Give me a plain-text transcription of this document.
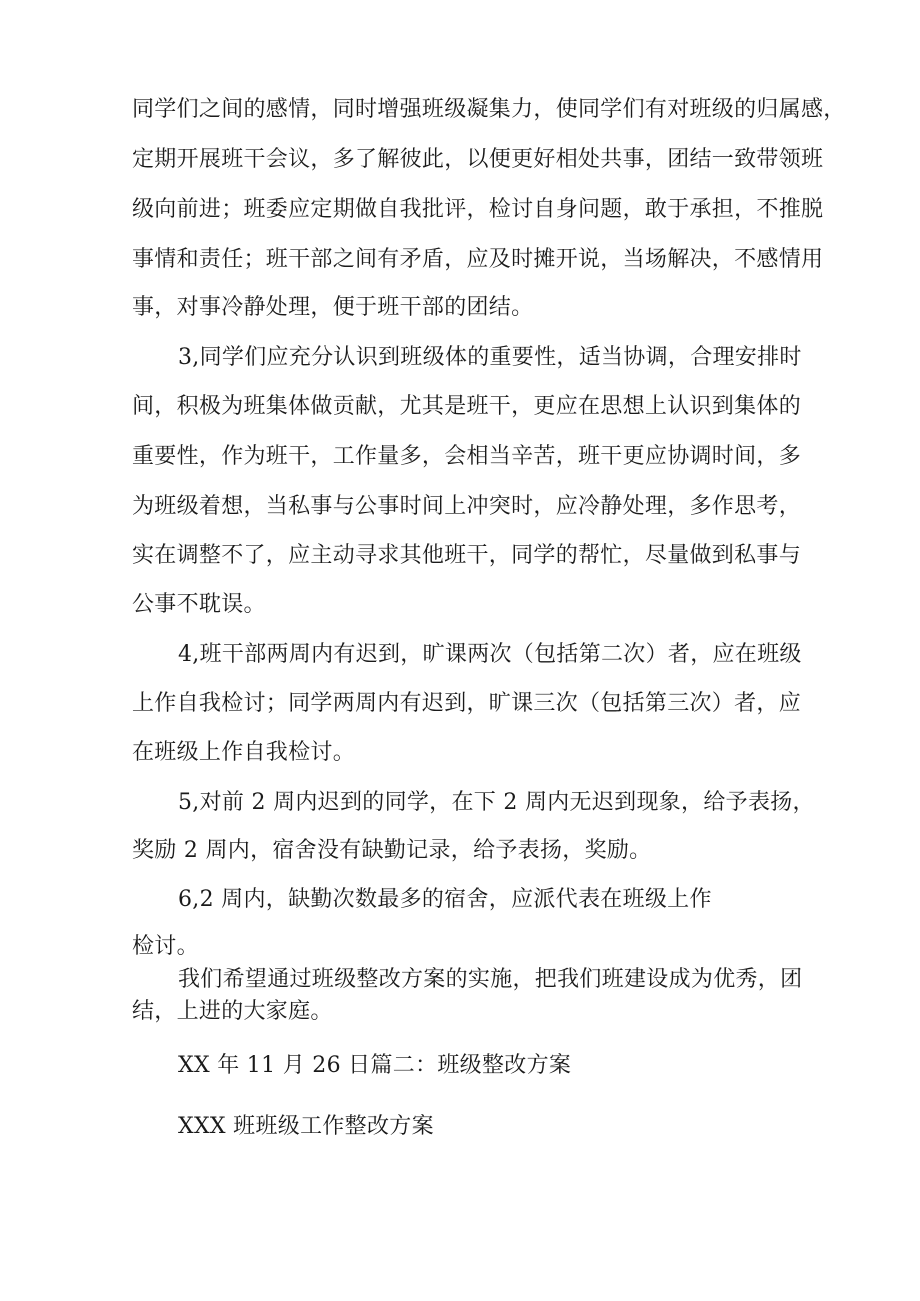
同学们之间的感情，同时增强班级凝集力，使同学们有对班级的归属感，

定期开展班干会议，多了解彼此，以便更好相处共事，团结一致带领班

级向前进；班委应定期做自我批评，检讨自身问题，敢于承担，不推脱

事情和责任；班干部之间有矛盾，应及时摊开说，当场解决，不感情用

事，对事冷静处理，便于班干部的团结。

3,同学们应充分认识到班级体的重要性，适当协调，合理安排时

间，积极为班集体做贡献，尤其是班干，更应在思想上认识到集体的

重要性，作为班干，工作量多，会相当辛苦，班干更应协调时间，多

为班级着想，当私事与公事时间上冲突时，应冷静处理，多作思考，

实在调整不了，应主动寻求其他班干，同学的帮忙，尽量做到私事与

公事不耽误。

4,班干部两周内有迟到，旷课两次（包括第二次）者，应在班级

上作自我检讨；同学两周内有迟到，旷课三次（包括第三次）者，应

在班级上作自我检讨。

5,对前 2 周内迟到的同学，在下 2 周内无迟到现象，给予表扬，

奖励 2 周内，宿舍没有缺勤记录，给予表扬，奖励。

6,2 周内，缺勤次数最多的宿舍，应派代表在班级上作

检讨。

我们希望通过班级整改方案的实施，把我们班建设成为优秀，团

结，上进的大家庭。

XX 年 11 月 26 日篇二：班级整改方案

XXX 班班级工作整改方案
